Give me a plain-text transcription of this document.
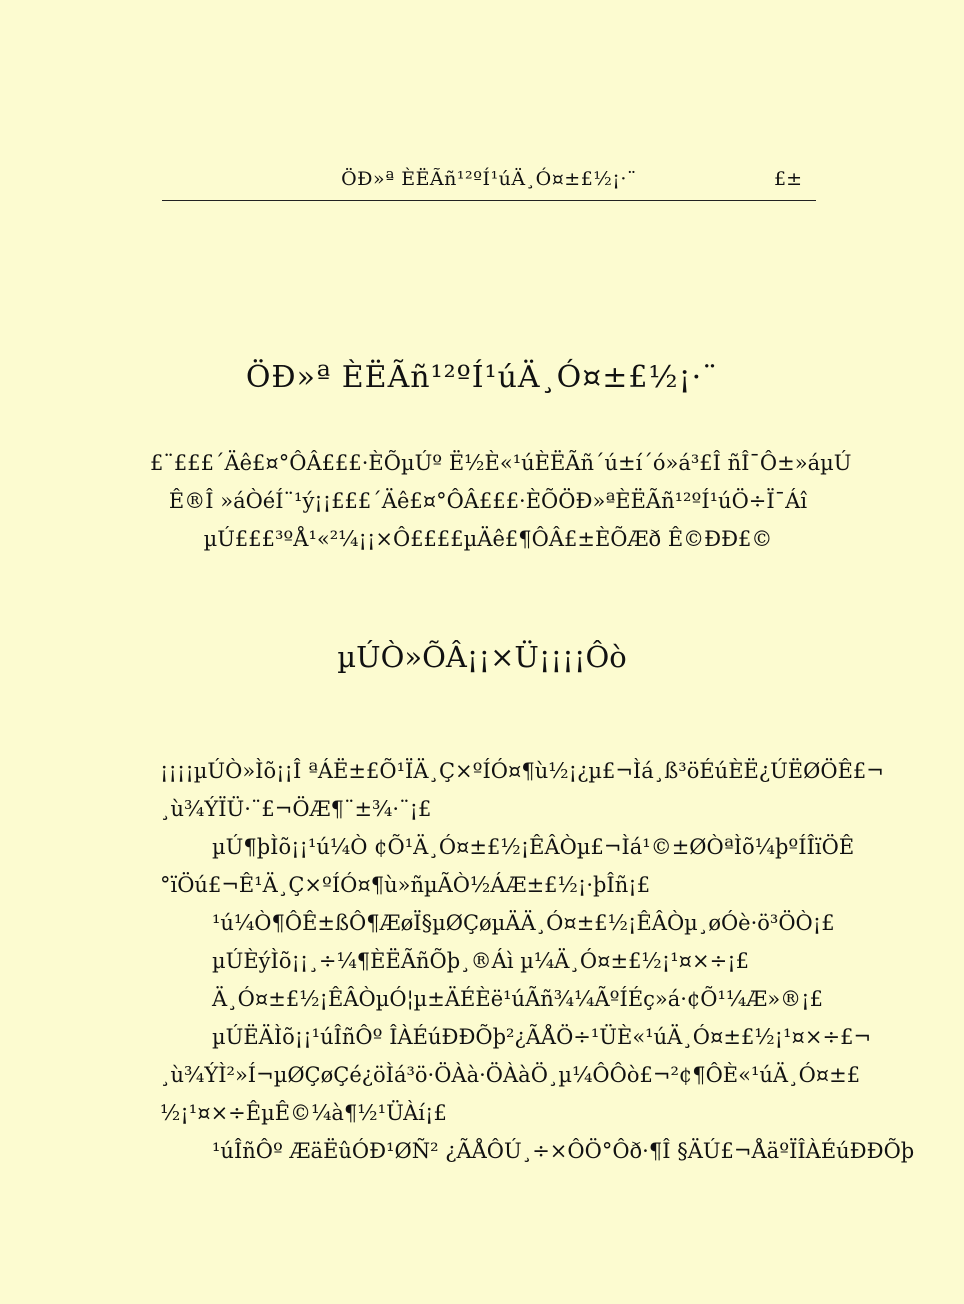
ÖÐ»ª ÈËÃñ¹²ºÍ¹úÄ¸Ó¤±£½¡·¨	£±
ÖÐ»ª ÈËÃñ¹²ºÍ¹úÄ¸Ó¤±£½¡·¨
£¨£££´Äê£¤°ÔÂ£££·ÈÕµÚº Ë½È«¹úÈËÃñ´ú±í´ó»á³£Î ñÎ¯Ô±»áµÚ
Ê®Î »áÒéÍ¨¹ý¡¡£££´Äê£¤°ÔÂ£££·ÈÕÖÐ»ªÈËÃñ¹²ºÍ¹úÖ÷Ï¯Áî
µÚ£££³ºÅ¹«²¼¡¡×Ô££££µÄê£¶ÔÂ£±ÈÕÆð Ê©ÐÐ£©
µÚÒ»ÕÂ¡¡×Ü¡¡¡¡Ôò
¡¡¡¡µÚÒ»Ìõ¡¡Î ªÁË±£Õ¹ÏÄ¸Ç×ºÍÓ¤¶ù½¡¿µ£¬Ìá¸ß³öÉúÈË¿ÚËØÖÊ£¬
¸ù¾ÝÏÜ·¨£¬ÖÆ¶¨±¾·¨¡£
µÚ¶þÌõ¡¡¹ú¼Ò ¢Õ¹Ä¸Ó¤±£½¡ÊÂÒµ£¬Ìá¹©±ØÒªÌõ¼þºÍÎïÖÊ
°ïÖú£¬Ê¹Ä¸Ç×ºÍÓ¤¶ù»ñµÃÒ½ÁÆ±£½¡·þÎñ¡£
¹ú¼Ò¶ÔÊ±ßÔ¶ÆøÏ§µØÇøµÄÄ¸Ó¤±£½¡ÊÂÒµ¸øÓè·ö³ÖÒ¡£
µÚÈýÌõ¡¡¸÷¼¶ÈËÃñÕþ¸®Áì µ¼Ä¸Ó¤±£½¡¹¤×÷¡£
Ä¸Ó¤±£½¡ÊÂÒµÓ¦µ±ÄÉÈë¹úÃñ¾¼ÃºÍÉç»á·¢Õ¹¼Æ»®¡£
µÚËÄÌõ¡¡¹úÎñÔº ÎÀÉúÐÐÕþ²¿ÃÅÖ÷¹ÜÈ«¹úÄ¸Ó¤±£½¡¹¤×÷£¬
¸ù¾ÝÌ²»Í¬µØÇøÇé¿öÌá³ö·ÖÀà·ÖÀàÖ¸µ¼ÔÔò£¬²¢¶ÔÈ«¹úÄ¸Ó¤±£
½¡¹¤×÷ÊµÊ©¼à¶½¹ÜÀí¡£
¹úÎñÔº ÆäËûÓÐ¹ØÑ² ¿ÃÅÔÚ¸÷×ÔÖ°Ôð·¶Î §ÄÚ£¬ÅäºÏÎÀÉúÐÐÕþ
